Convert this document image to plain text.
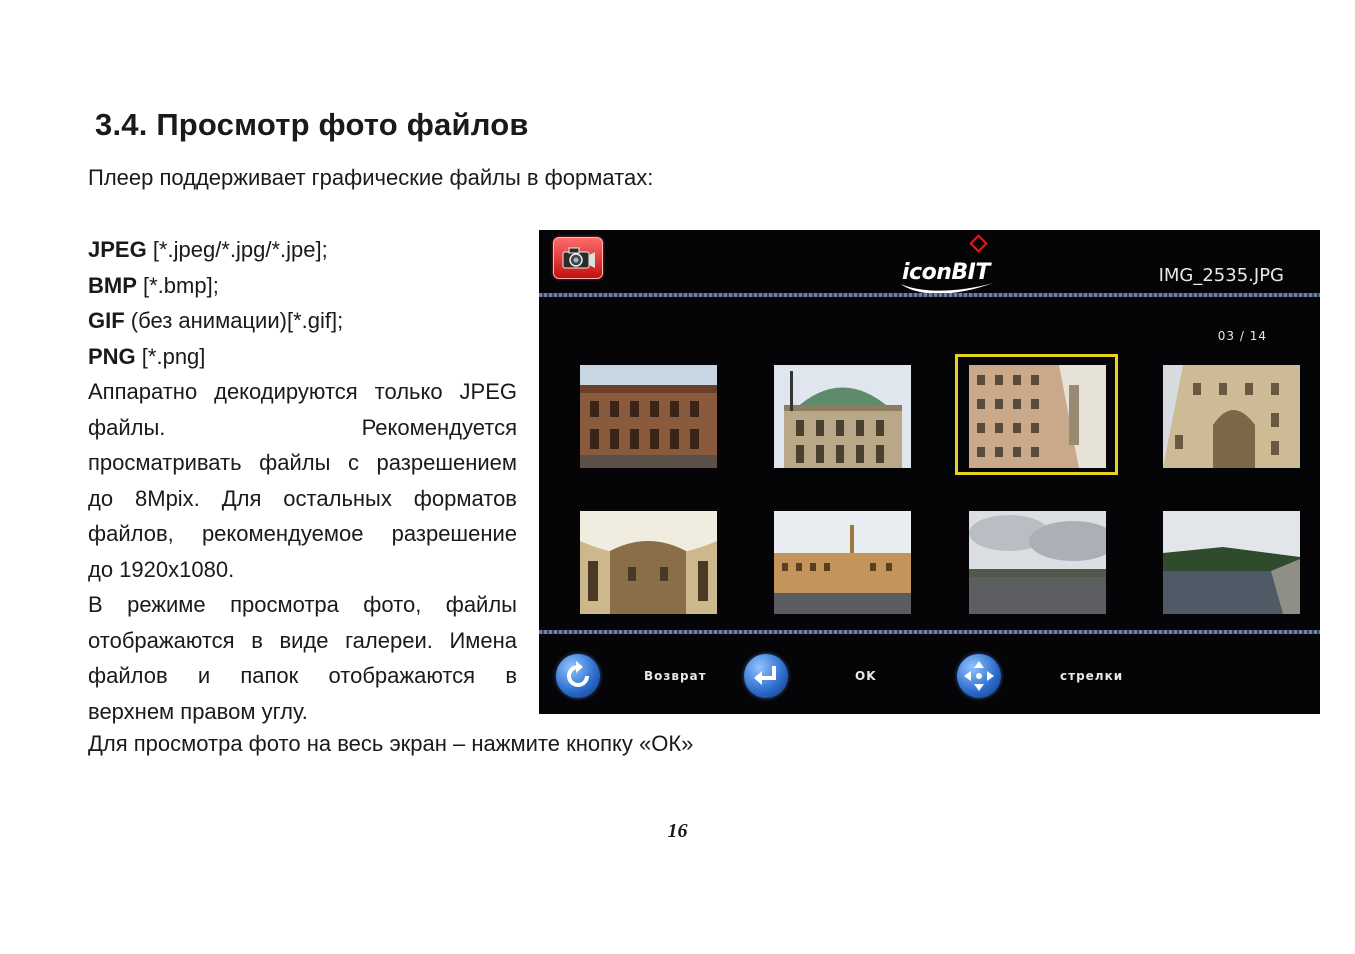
3.4. Просмотр фото файлов
Плеер поддерживает графические файлы в форматах:
JPEG [*.jpeg/*.jpg/*.jpe];
BMP [*.bmp];
GIF (без анимации)[*.gif];
PNG [*.png]
Аппаратно декодируются только JPEG
файлы. Рекомендуется
просматривать файлы с разрешением
до 8Mpix. Для остальных форматов
файлов, рекомендуемое разрешение
до 1920x1080.
В режиме просмотра фото, файлы
отображаются в виде галереи. Имена
файлов и папок отображаются в
верхнем правом углу.
Для просмотра фото на весь экран – нажмите кнопку «ОК»
16
iconBIT	IMG_2535.JPG
03 / 14
Возврат	OK	стрелки
